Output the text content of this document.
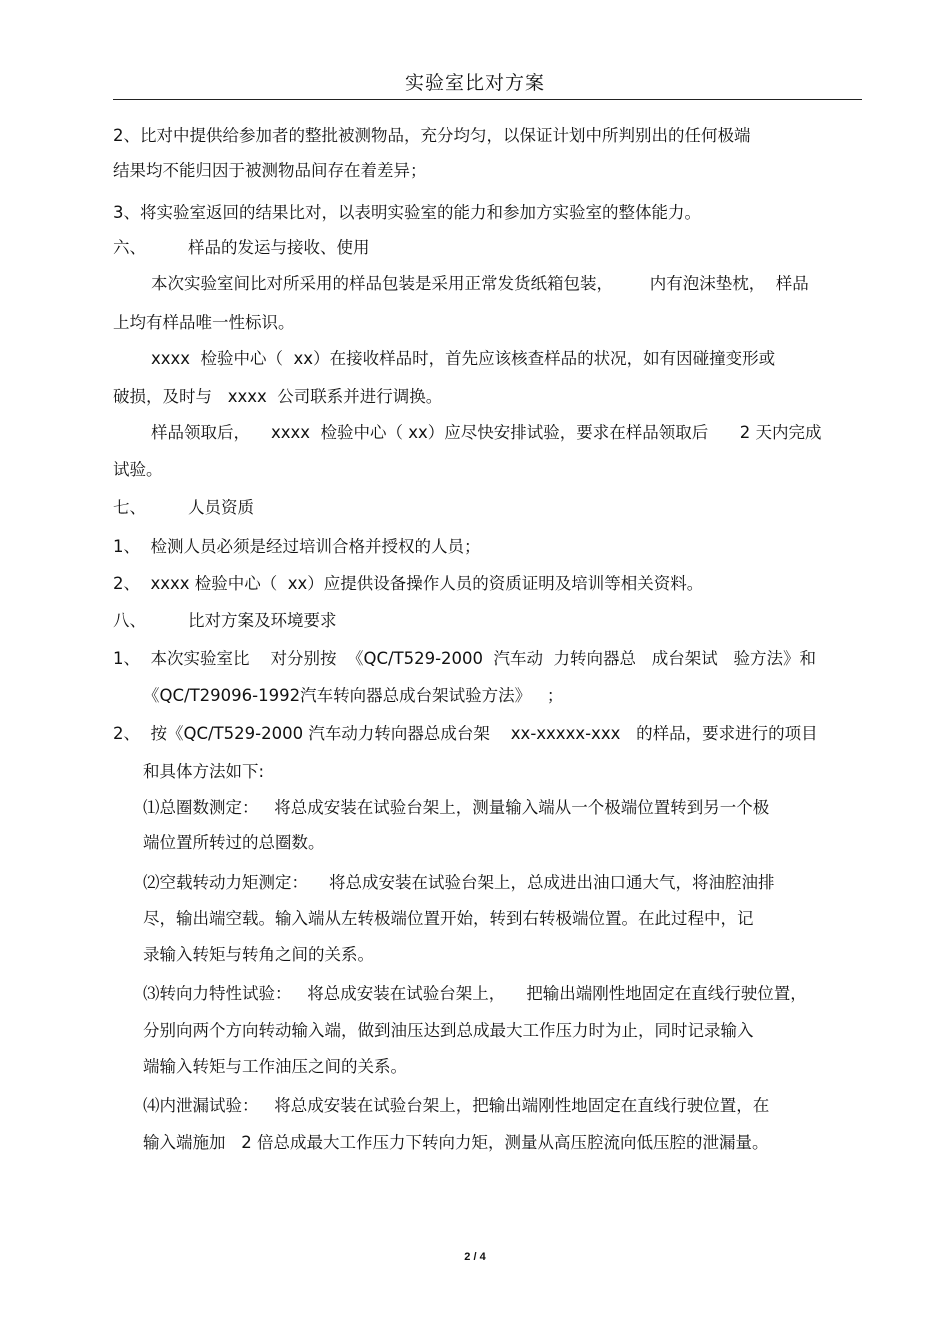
实验室比对方案
2、比对中提供给参加者的整批被测物品，充分均匀，以保证计划中所判别出的任何极端
结果均不能归因于被测物品间存在着差异；
3、将实验室返回的结果比对，以表明实验室的能力和参加方实验室的整体能力。
六、        样品的发运与接收、使用
本次实验室间比对所采用的样品包装是采用正常发货纸箱包装，       内有泡沫垫枕，  样品
上均有样品唯一性标识。
xxxx  检验中心（  xx）在接收样品时，首先应该核查样品的状况，如有因碰撞变形或
破损，及时与   xxxx  公司联系并进行调换。
样品领取后，    xxxx  检验中心（ xx）应尽快安排试验，要求在样品领取后      2 天内完成
试验。
七、        人员资质
1、  检测人员必须是经过培训合格并授权的人员；
2、  xxxx 检验中心（  xx）应提供设备操作人员的资质证明及培训等相关资料。
八、        比对方案及环境要求
1、  本次实验室比    对分别按  《QC/T529-2000  汽车动  力转向器总   成台架试   验方法》和
《QC/T29096-1992汽车转向器总成台架试验方法》   ；
2、  按《QC/T529-2000 汽车动力转向器总成台架    xx-xxxxx-xxx   的样品，要求进行的项目
和具体方法如下:
⑴总圈数测定：   将总成安装在试验台架上，测量输入端从一个极端位置转到另一个极
端位置所转过的总圈数。
⑵空载转动力矩测定：    将总成安装在试验台架上，总成进出油口通大气，将油腔油排
尽，输出端空载。输入端从左转极端位置开始，转到右转极端位置。在此过程中，记
录输入转矩与转角之间的关系。
⑶转向力特性试验：   将总成安装在试验台架上，    把输出端刚性地固定在直线行驶位置，
分别向两个方向转动输入端，做到油压达到总成最大工作压力时为止，同时记录输入
端输入转矩与工作油压之间的关系。
⑷内泄漏试验：   将总成安装在试验台架上，把输出端刚性地固定在直线行驶位置，在
输入端施加   2 倍总成最大工作压力下转向力矩，测量从高压腔流向低压腔的泄漏量。
2 / 4
